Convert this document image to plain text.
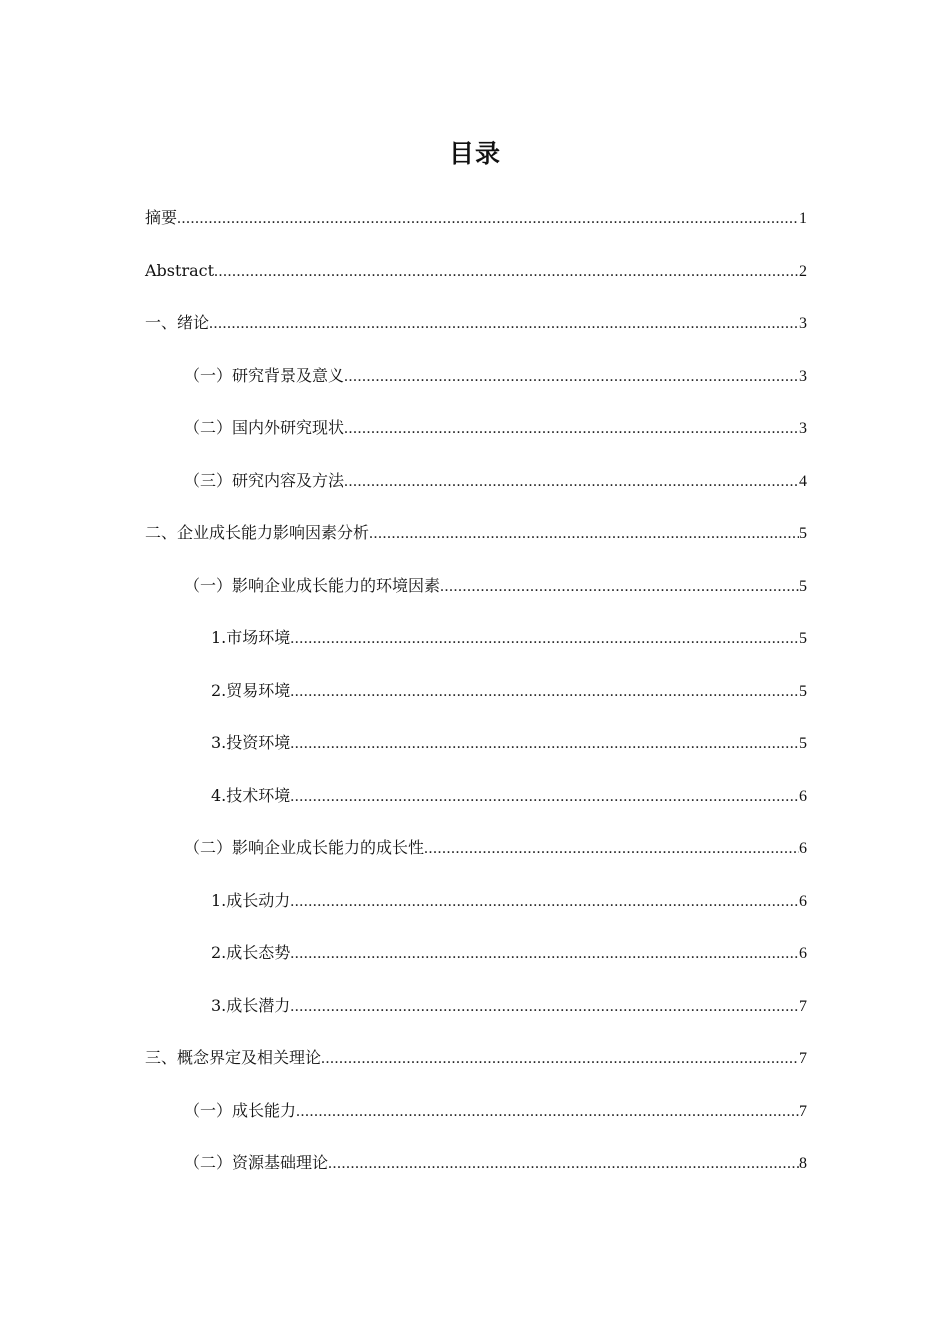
目录
摘要 .....	1
Abstract .....	2
一、绪论 .....	3
（一）研究背景及意义 .....	3
（二）国内外研究现状 .....	3
（三）研究内容及方法 .....	4
二、企业成长能力影响因素分析 .....	5
（一）影响企业成长能力的环境因素 .....	5
1.市场环境 .....	5
2.贸易环境 .....	5
3.投资环境 .....	5
4.技术环境 .....	6
（二）影响企业成长能力的成长性 .....	6
1.成长动力 .....	6
2.成长态势 .....	6
3.成长潜力 .....	7
三、概念界定及相关理论 .....	7
（一）成长能力 .....	7
（二）资源基础理论 .....	8
